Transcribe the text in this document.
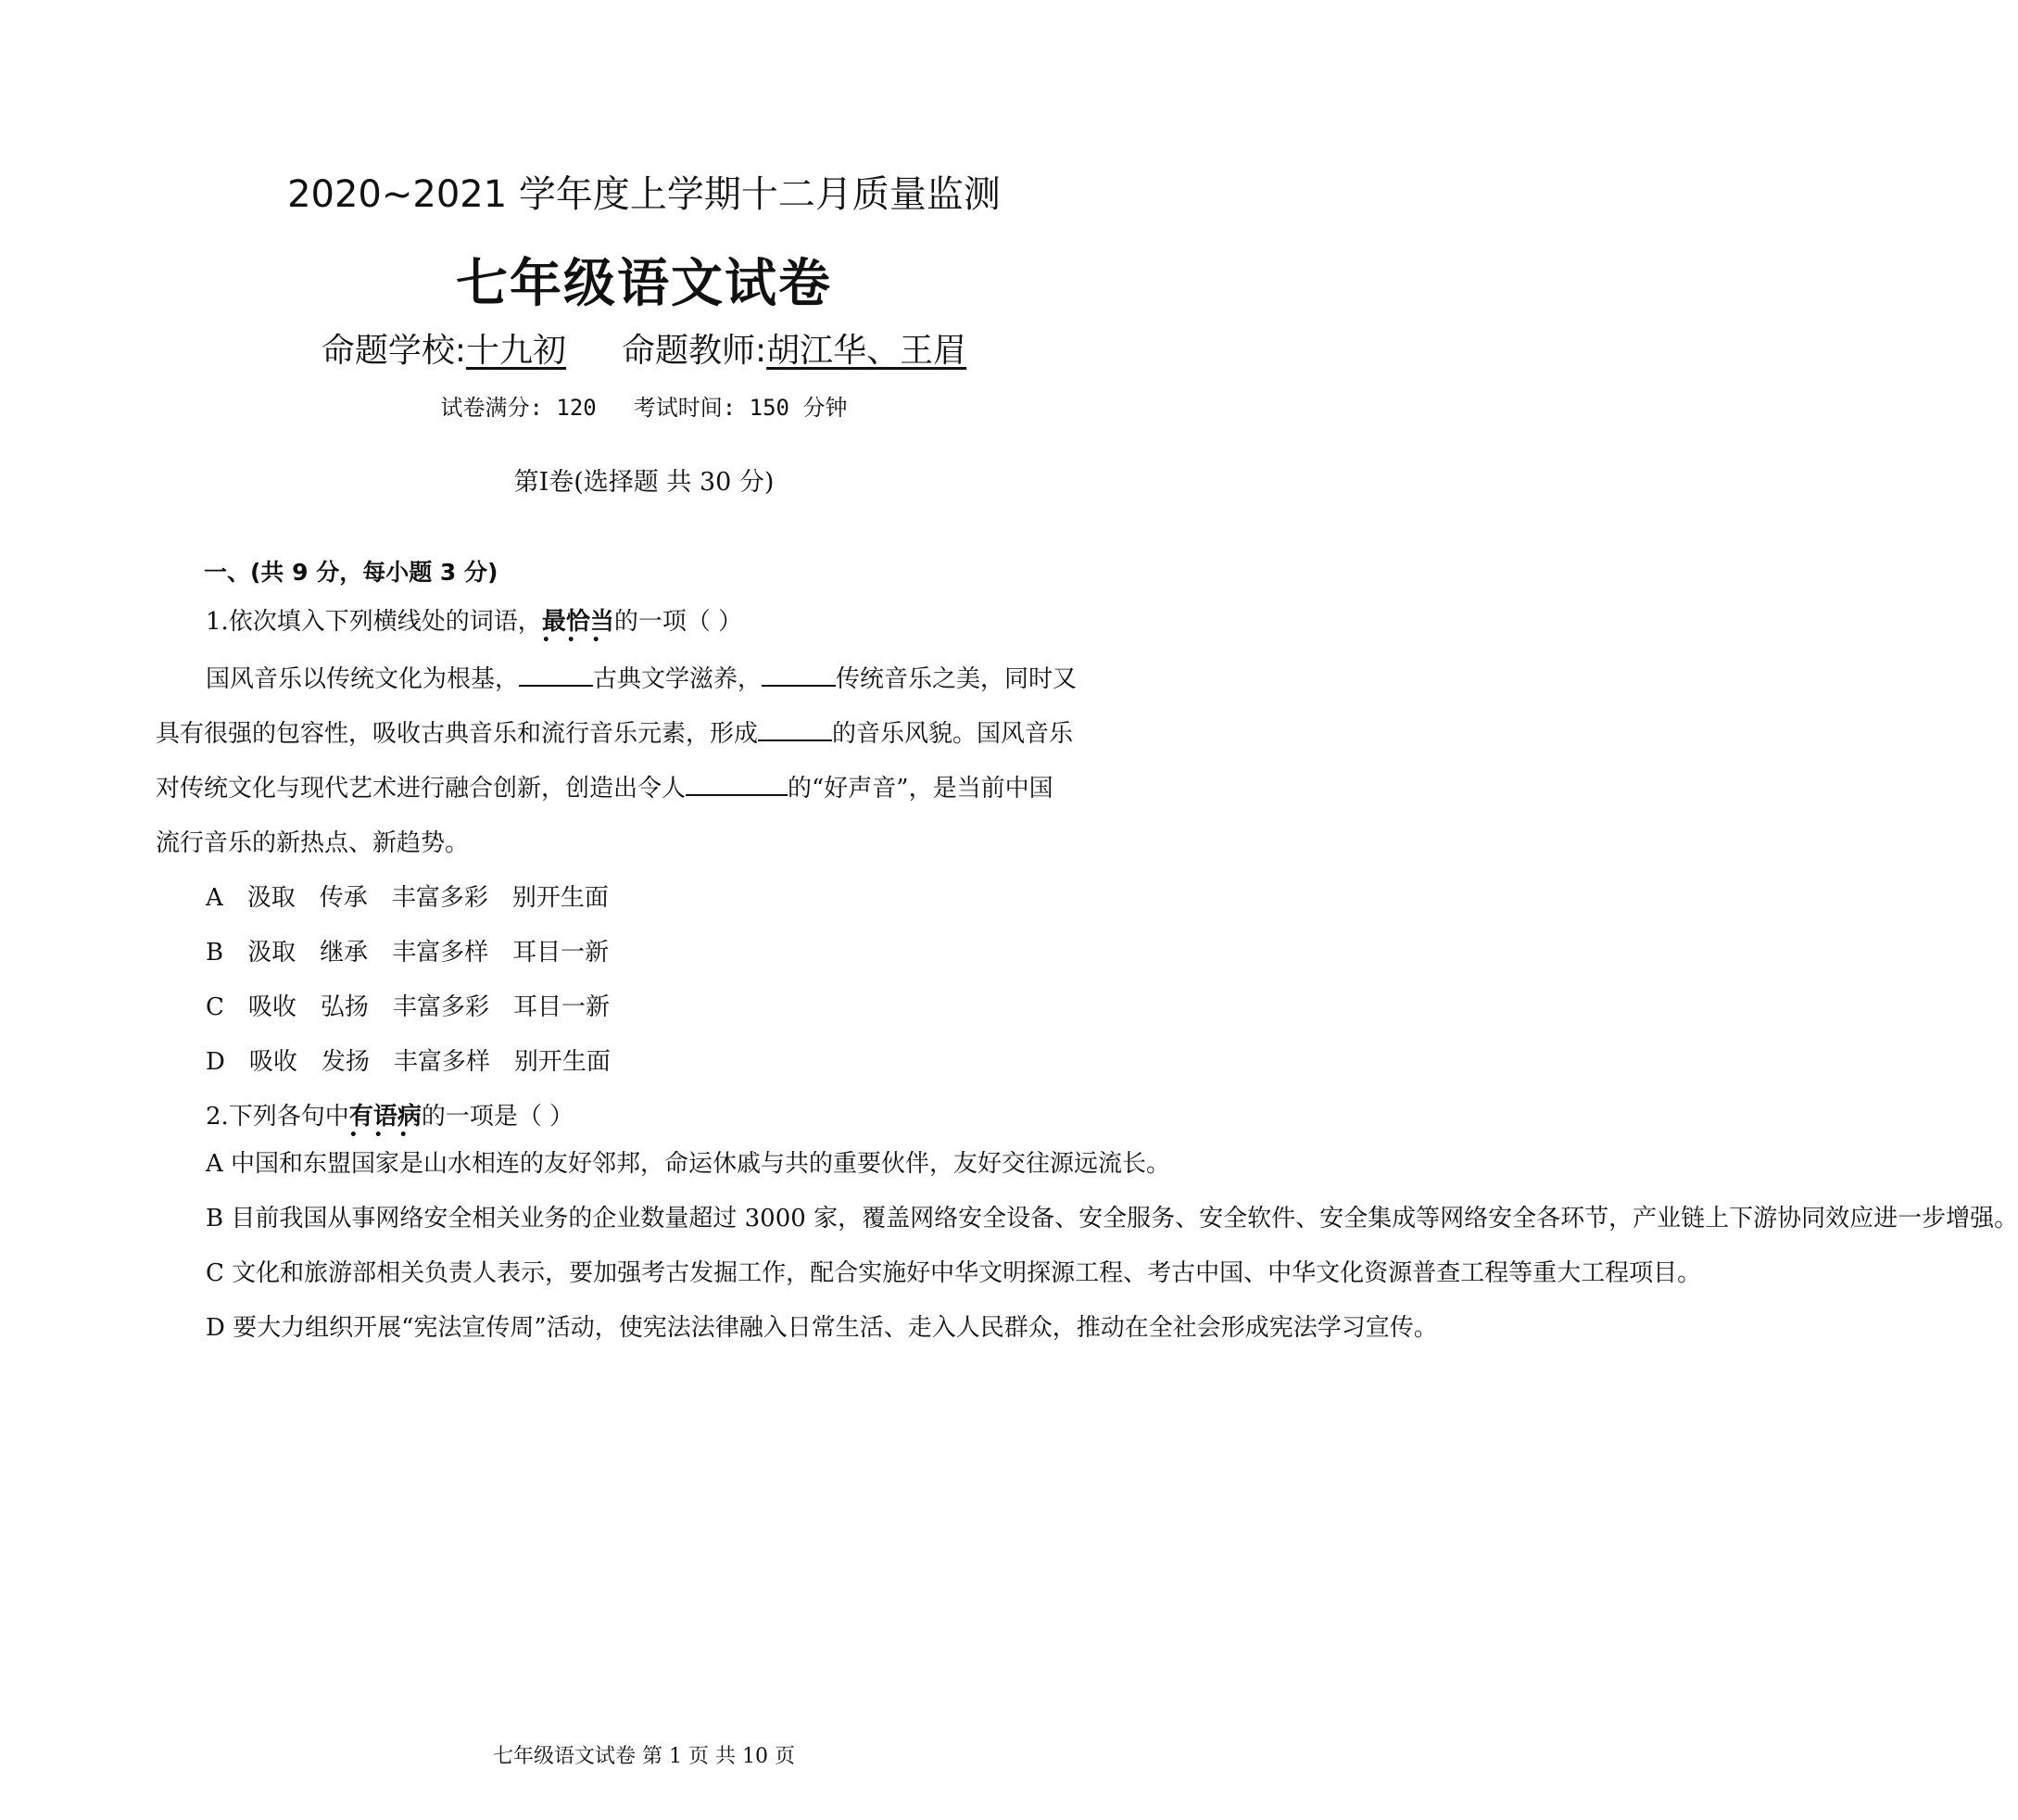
2020~2021 学年度上学期十二月质量监测
七年级语文试卷
命题学校:十九初 命题教师:胡江华、王眉
试卷满分: 120 考试时间: 150 分钟
第Ⅰ卷(选择题 共 30 分)
一、(共 9 分，每小题 3 分)
1.依次填入下列横线处的词语，最恰当
•••
的一项（ ）
国风音乐以传统文化为根基，	古典文学滋养，	传统音乐之美，同时又
具有很强的包容性，吸收古典音乐和流行音乐元素，形成	的音乐风貌。国风音乐
对传统文化与现代艺术进行融合创新，创造出令人	的“好声音”，是当前中国
流行音乐的新热点、新趋势。
A 汲取 传承 丰富多彩 别开生面
B 汲取 继承 丰富多样 耳目一新
C 吸收 弘扬 丰富多彩 耳目一新
D 吸收 发扬 丰富多样 别开生面
2.下列各句中有语病
•••
的一项是（ ）

A 中国和东盟国家是山水相连的友好邻邦，命运休戚与共的重要伙伴，友好交往源远流长。

B 目前我国从事网络安全相关业务的企业数量超过 3000 家，覆盖网络安全设备、安全服务、安全软件、安全集成等网络安全各环节，产业链上下游协同效应进一步增强。

C 文化和旅游部相关负责人表示，要加强考古发掘工作，配合实施好中华文明探源工程、考古中国、中华文化资源普查工程等重大工程项目。

D 要大力组织开展“宪法宣传周”活动，使宪法法律融入日常生活、走入人民群众，推动在全社会形成宪法学习宣传。

七年级语文试卷 第 1 页 共 10 页
